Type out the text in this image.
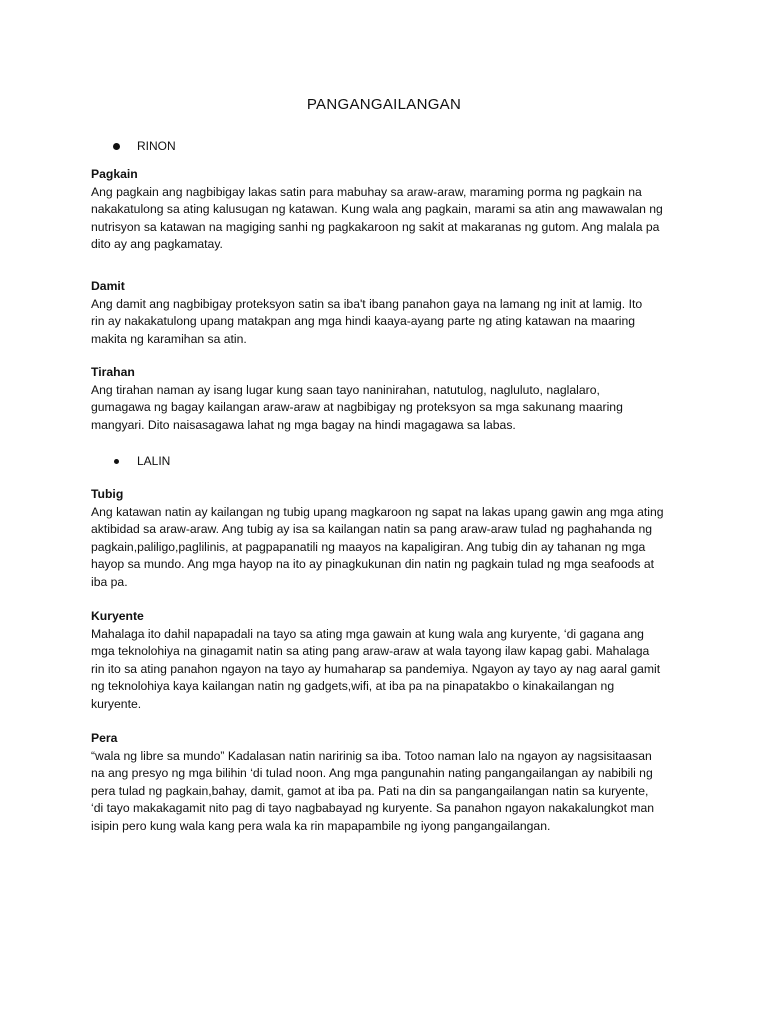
PANGANGAILANGAN
RINON
Pagkain

Ang pagkain ang nagbibigay lakas satin para mabuhay sa araw-araw, maraming porma ng pagkain na

nakakatulong sa ating kalusugan ng katawan. Kung wala ang pagkain, marami sa atin ang mawawalan ng

nutrisyon sa katawan na magiging sanhi ng pagkakaroon ng sakit at makaranas ng gutom. Ang malala pa

dito ay ang pagkamatay.

Damit

Ang damit ang nagbibigay proteksyon satin sa iba't ibang panahon gaya na lamang ng init at lamig. Ito

rin ay nakakatulong upang matakpan ang mga hindi kaaya-ayang parte ng ating katawan na maaring

makita ng karamihan sa atin.

Tirahan

Ang tirahan naman ay isang lugar kung saan tayo naninirahan, natutulog, nagluluto, naglalaro,

gumagawa ng bagay kailangan araw-araw at nagbibigay ng proteksyon sa mga sakunang maaring

mangyari. Dito naisasagawa lahat ng mga bagay na hindi magagawa sa labas.

LALIN
Tubig

Ang katawan natin ay kailangan ng tubig upang magkaroon ng sapat na lakas upang gawin ang mga ating

aktibidad sa araw-araw. Ang tubig ay isa sa kailangan natin sa pang araw-araw tulad ng paghahanda ng

pagkain,paliligo,paglilinis, at pagpapanatili ng maayos na kapaligiran. Ang tubig din ay tahanan ng mga

hayop sa mundo. Ang mga hayop na ito ay pinagkukunan din natin ng pagkain tulad ng mga seafoods at

iba pa.

Kuryente

Mahalaga ito dahil napapadali na tayo sa ating mga gawain at kung wala ang kuryente, ‘di gagana ang

mga teknolohiya na ginagamit natin sa ating pang araw-araw at wala tayong ilaw kapag gabi. Mahalaga

rin ito sa ating panahon ngayon na tayo ay humaharap sa pandemiya. Ngayon ay tayo ay nag aaral gamit

ng teknolohiya kaya kailangan natin ng gadgets,wifi, at iba pa na pinapatakbo o kinakailangan ng

kuryente.

Pera

“wala ng libre sa mundo” Kadalasan natin naririnig sa iba. Totoo naman lalo na ngayon ay nagsisitaasan

na ang presyo ng mga bilihin ‘di tulad noon. Ang mga pangunahin nating pangangailangan ay nabibili ng

pera tulad ng pagkain,bahay, damit, gamot at iba pa. Pati na din sa pangangailangan natin sa kuryente,

‘di tayo makakagamit nito pag di tayo nagbabayad ng kuryente. Sa panahon ngayon nakakalungkot man

isipin pero kung wala kang pera wala ka rin mapapambile ng iyong pangangailangan.
